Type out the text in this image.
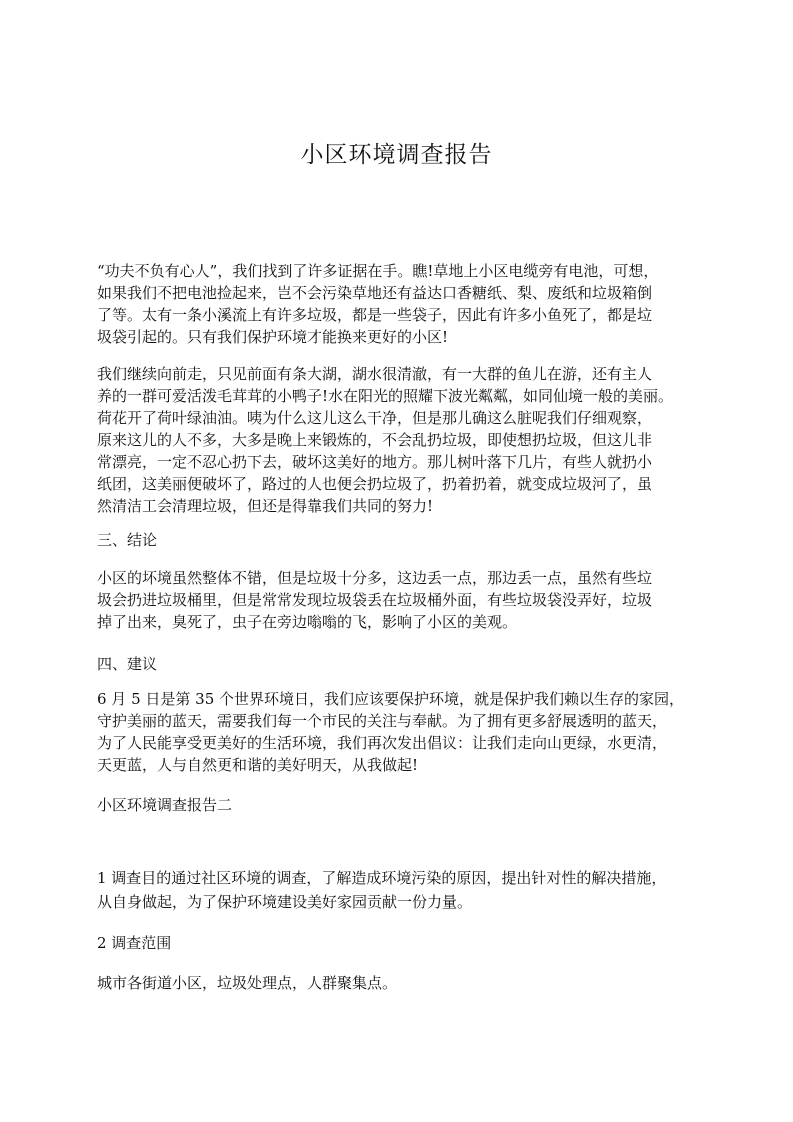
小区环境调查报告

“功夫不负有心人”，我们找到了许多证据在手。瞧!草地上小区电缆旁有电池，可想，

如果我们不把电池捡起来，岂不会污染草地还有益达口香糖纸、梨、废纸和垃圾箱倒

了等。太有一条小溪流上有许多垃圾，都是一些袋子，因此有许多小鱼死了，都是垃

圾袋引起的。只有我们保护环境才能换来更好的小区!

我们继续向前走，只见前面有条大湖，湖水很清澈，有一大群的鱼儿在游，还有主人

养的一群可爱活泼毛茸茸的小鸭子!水在阳光的照耀下波光粼粼，如同仙境一般的美丽。

荷花开了荷叶绿油油。咦为什么这儿这么干净，但是那儿确这么脏呢我们仔细观察，

原来这儿的人不多，大多是晚上来锻炼的，不会乱扔垃圾，即使想扔垃圾，但这儿非

常漂亮，一定不忍心扔下去，破坏这美好的地方。那儿树叶落下几片，有些人就扔小

纸团，这美丽便破坏了，路过的人也便会扔垃圾了，扔着扔着，就变成垃圾河了，虽

然清洁工会清理垃圾，但还是得靠我们共同的努力!

三、结论

小区的坏境虽然整体不错，但是垃圾十分多，这边丢一点，那边丢一点，虽然有些垃

圾会扔进垃圾桶里，但是常常发现垃圾袋丢在垃圾桶外面，有些垃圾袋没弄好，垃圾

掉了出来，臭死了，虫子在旁边嗡嗡的飞，影响了小区的美观。

四、建议

6 月 5 日是第 35 个世界环境日，我们应该要保护环境，就是保护我们赖以生存的家园，

守护美丽的蓝天，需要我们每一个市民的关注与奉献。为了拥有更多舒展透明的蓝天，

为了人民能享受更美好的生活环境，我们再次发出倡议：让我们走向山更绿，水更清，

天更蓝，人与自然更和谐的美好明天，从我做起!

小区环境调查报告二

1 调查目的通过社区环境的调查，了解造成环境污染的原因，提出针对性的解决措施，

从自身做起，为了保护环境建设美好家园贡献一份力量。

2 调查范围

城市各街道小区，垃圾处理点，人群聚集点。
